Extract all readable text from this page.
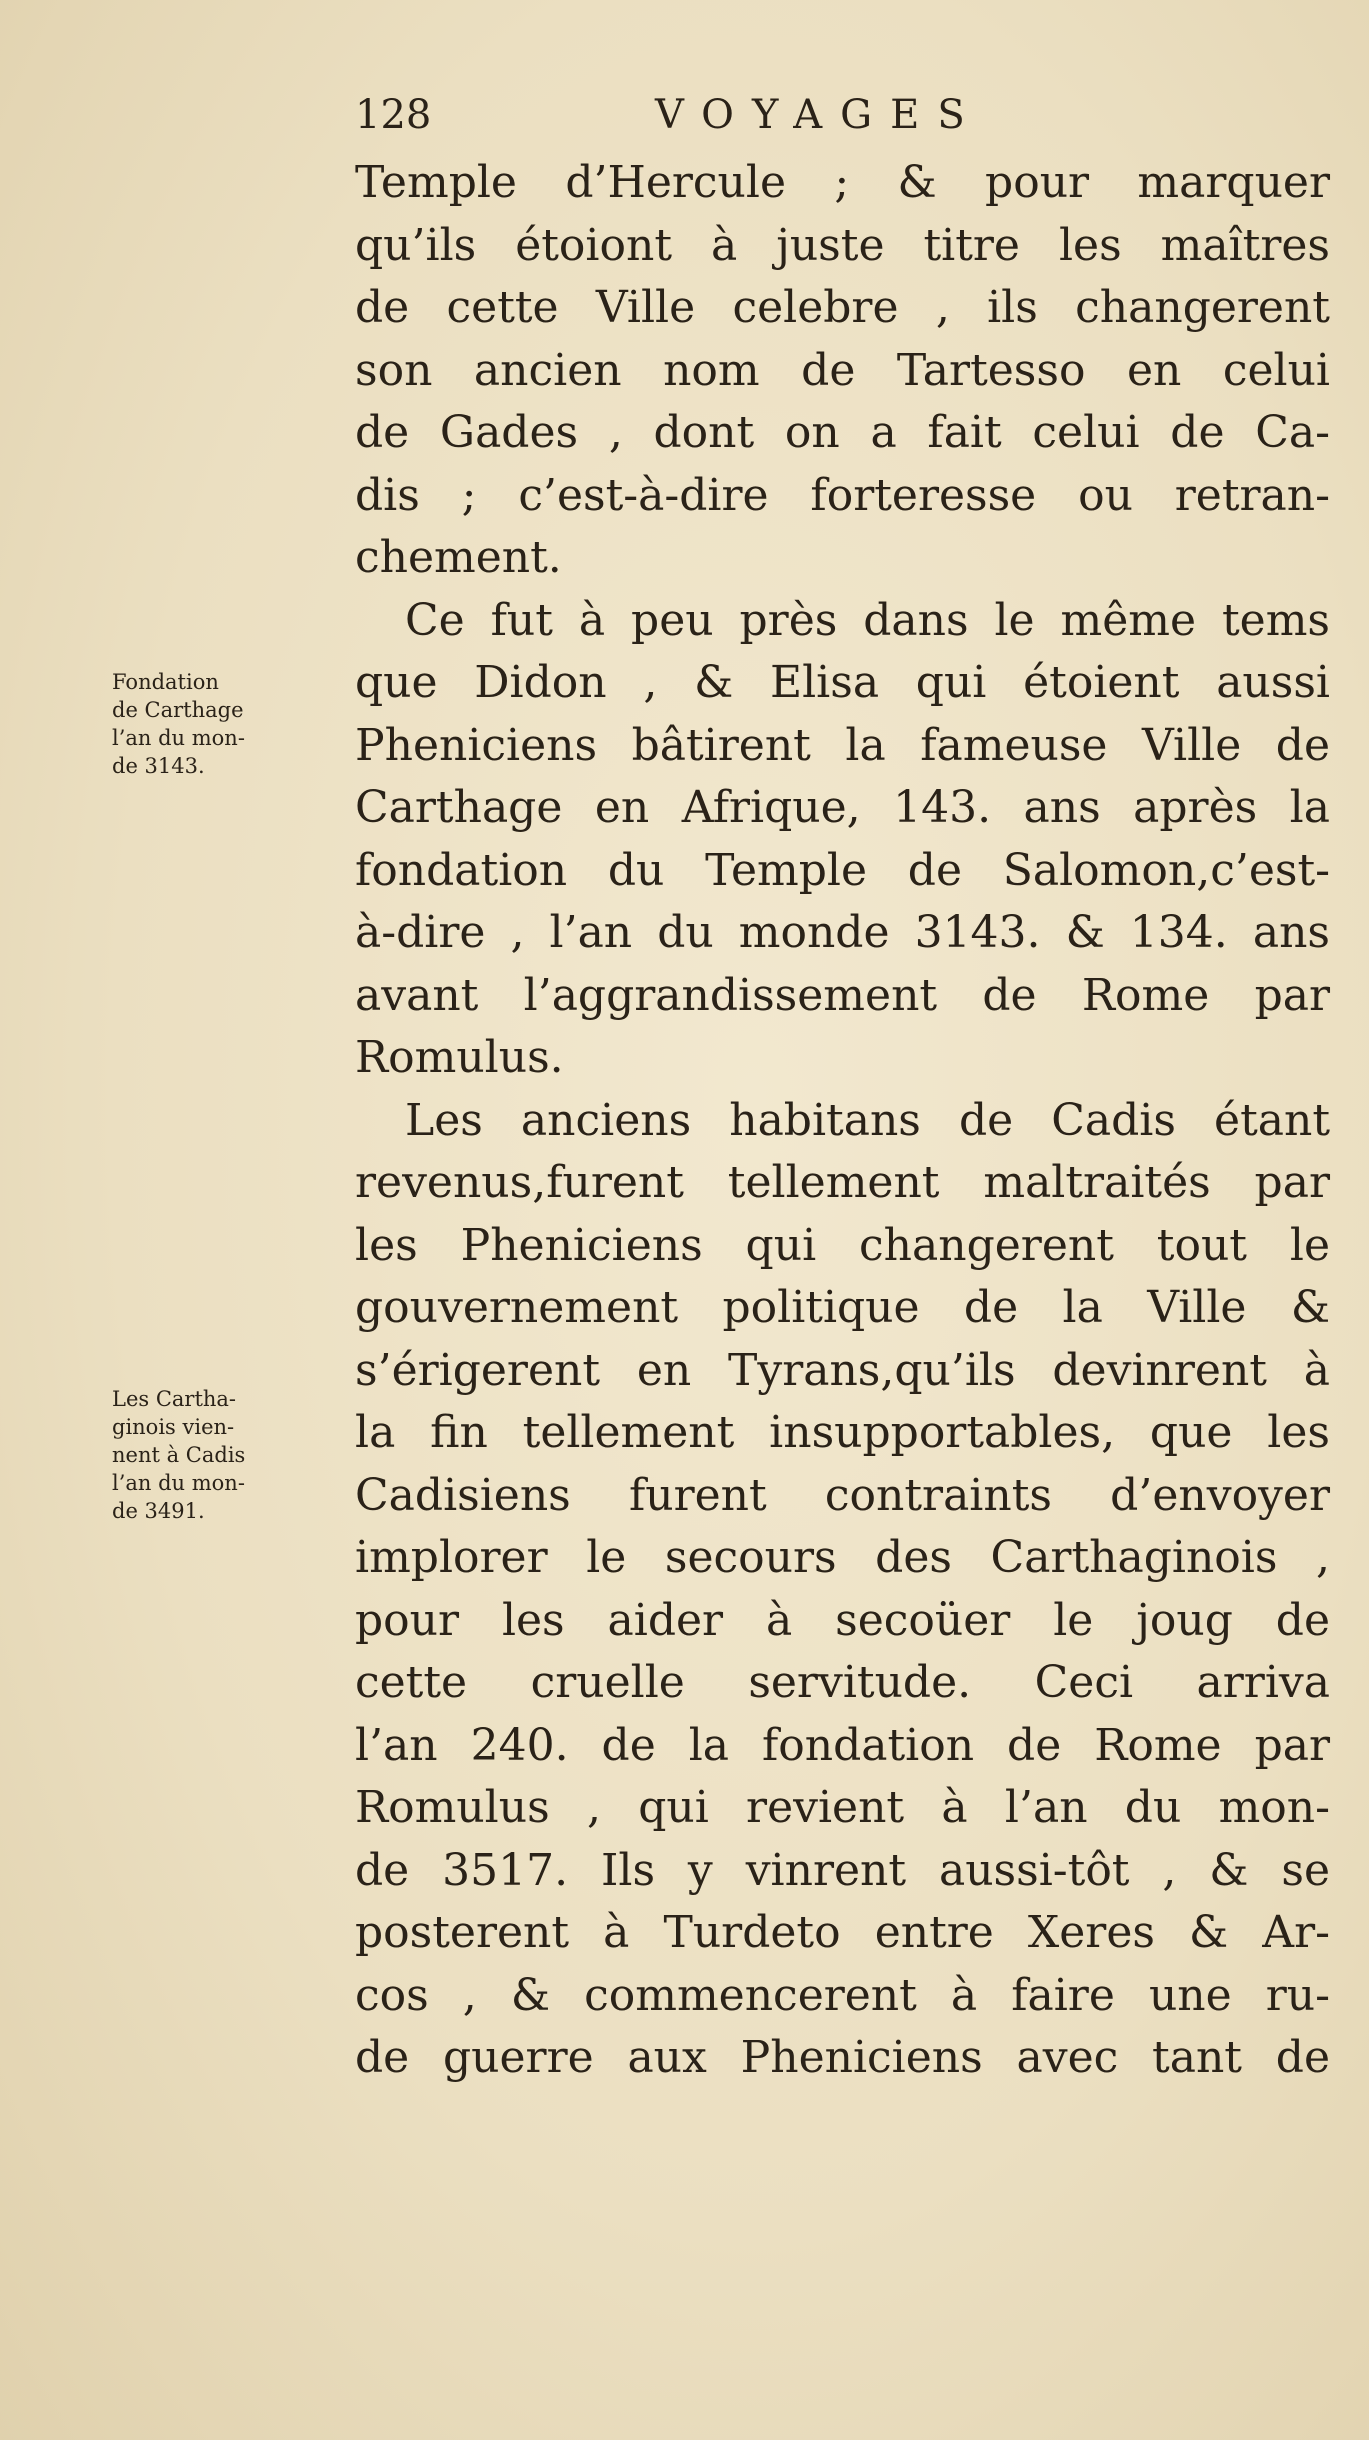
128	VOYAGES
Fondation
de Carthage
l’an du mon-
de 3143.
Les Cartha-
ginois vien-
nent à Cadis
l’an du mon-
de 3491.
Temple d’Hercule ; & pour marquer
qu’ils étoiont à juste titre les maîtres
de cette Ville celebre , ils changerent
son ancien nom de Tartesso en celui
de Gades , dont on a fait celui de Ca-
dis ; c’est-à-dire forteresse ou retran-
chement.
Ce fut à peu près dans le même tems
que Didon , & Elisa qui étoient aussi
Pheniciens bâtirent la fameuse Ville de
Carthage en Afrique, 143. ans après la
fondation du Temple de Salomon,c’est-
à-dire , l’an du monde 3143. & 134. ans
avant l’aggrandissement de Rome par
Romulus.
Les anciens habitans de Cadis étant
revenus,furent tellement maltraités par
les Pheniciens qui changerent tout le
gouvernement politique de la Ville &
s’érigerent en Tyrans,qu’ils devinrent à
la fin tellement insupportables, que les
Cadisiens furent contraints d’envoyer
implorer le secours des Carthaginois ,
pour les aider à secoüer le joug de
cette cruelle servitude. Ceci arriva
l’an 240. de la fondation de Rome par
Romulus , qui revient à l’an du mon-
de 3517. Ils y vinrent aussi-tôt , & se
posterent à Turdeto entre Xeres & Ar-
cos , & commencerent à faire une ru-
de guerre aux Pheniciens avec tant de
